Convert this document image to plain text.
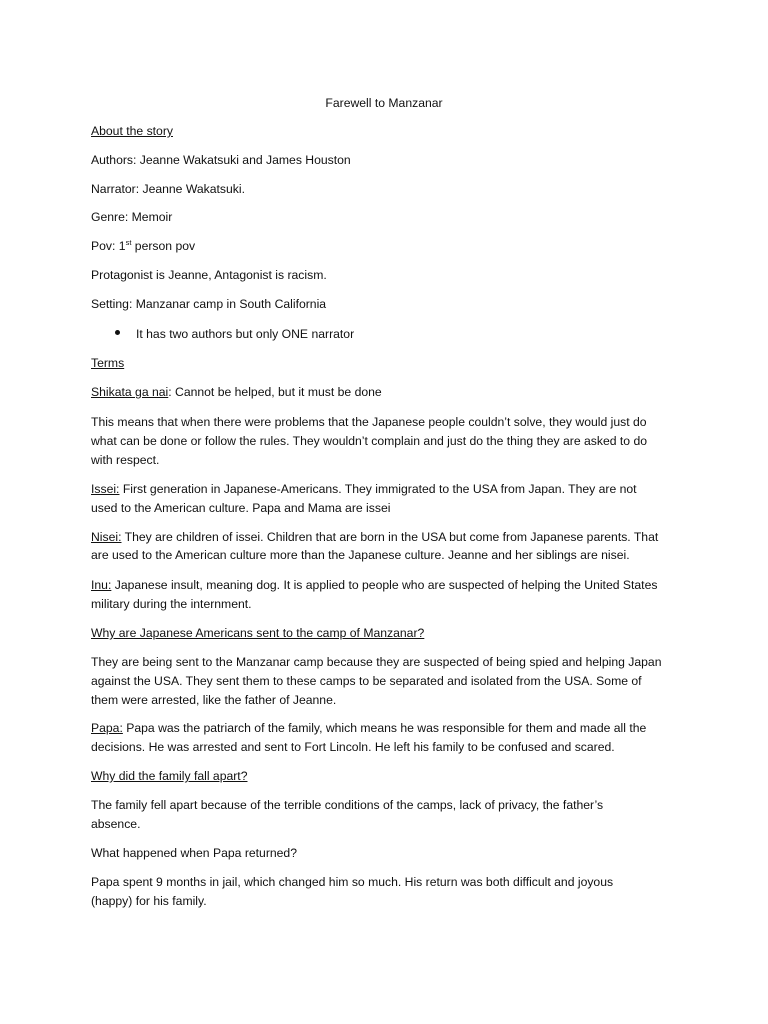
Farewell to Manzanar
About the story
Authors: Jeanne Wakatsuki and James Houston
Narrator: Jeanne Wakatsuki.
Genre: Memoir
Pov: 1st person pov
Protagonist is Jeanne, Antagonist is racism.
Setting: Manzanar camp in South California
It has two authors but only ONE narrator
Terms
Shikata ga nai: Cannot be helped, but it must be done
This means that when there were problems that the Japanese people couldn’t solve, they would just do
what can be done or follow the rules. They wouldn’t complain and just do the thing they are asked to do
with respect.
Issei: First generation in Japanese-Americans. They immigrated to the USA from Japan. They are not
used to the American culture. Papa and Mama are issei
Nisei: They are children of issei. Children that are born in the USA but come from Japanese parents. That
are used to the American culture more than the Japanese culture. Jeanne and her siblings are nisei.
Inu: Japanese insult, meaning dog. It is applied to people who are suspected of helping the United States
military during the internment.
Why are Japanese Americans sent to the camp of Manzanar?
They are being sent to the Manzanar camp because they are suspected of being spied and helping Japan
against the USA. They sent them to these camps to be separated and isolated from the USA. Some of
them were arrested, like the father of Jeanne.
Papa: Papa was the patriarch of the family, which means he was responsible for them and made all the
decisions. He was arrested and sent to Fort Lincoln. He left his family to be confused and scared.
Why did the family fall apart?
The family fell apart because of the terrible conditions of the camps, lack of privacy, the father’s
absence.
What happened when Papa returned?
Papa spent 9 months in jail, which changed him so much. His return was both difficult and joyous
(happy) for his family.
